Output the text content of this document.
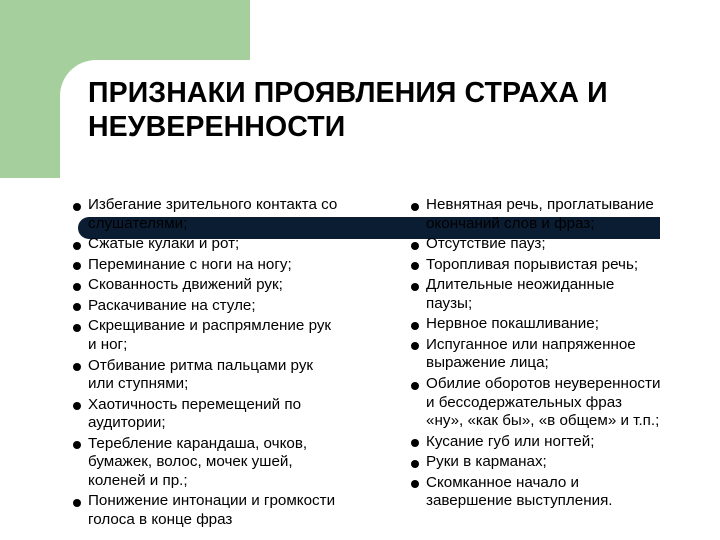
ПРИЗНАКИ ПРОЯВЛЕНИЯ СТРАХА И
НЕУВЕРЕННОСТИ
Избегание зрительного контакта со
слушателями;
Сжатые кулаки и рот;
Переминание с ноги на ногу;
Скованность движений рук;
Раскачивание на стуле;
Скрещивание и распрямление рук
и ног;
Отбивание ритма пальцами рук
или ступнями;
Хаотичность перемещений по
аудитории;
Теребление карандаша, очков,
бумажек, волос, мочек ушей,
коленей и пр.;
Понижение интонации и громкости
голоса в конце фраз
Невнятная речь, проглатывание
окончаний слов и фраз;
Отсутствие пауз;
Торопливая порывистая речь;
Длительные неожиданные
паузы;
Нервное покашливание;
Испуганное или напряженное
выражение лица;
Обилие оборотов неуверенности
и бессодержательных фраз
«ну», «как бы», «в общем» и т.п.;
Кусание губ или ногтей;
Руки в карманах;
Скомканное начало и
завершение выступления.
